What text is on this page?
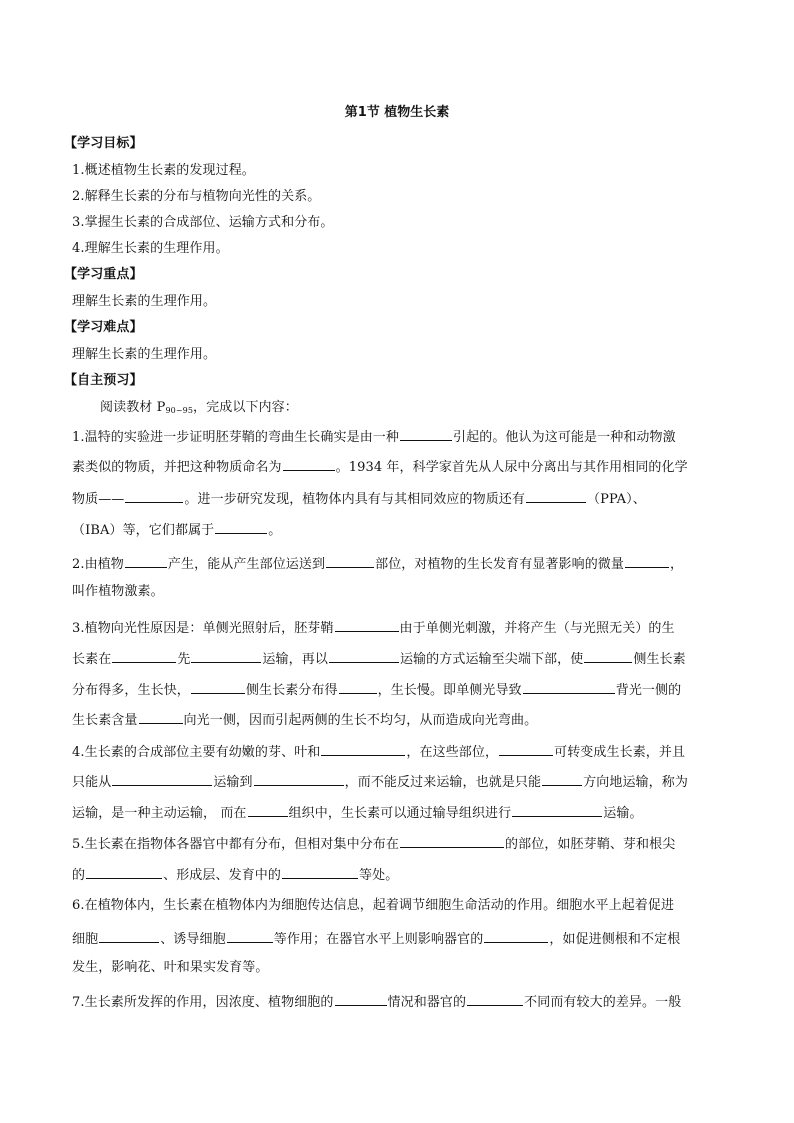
第1节 植物生长素
【学习目标】
1.概述植物生长素的发现过程。
2.解释生长素的分布与植物向光性的关系。
3.掌握生长素的合成部位、运输方式和分布。
4.理解生长素的生理作用。
【学习重点】
理解生长素的生理作用。
【学习难点】
理解生长素的生理作用。
【自主预习】
阅读教材 $P_{90\sim 95}$，完成以下内容：
1.温特的实验进一步证明胚芽鞘的弯曲生长确实是由一种	引起的。他认为这可能是一种和动物激
素类似的物质，并把这种物质命名为	。1934 年，科学家首先从人尿中分离出与其作用相同的化学
物质——	。进一步研究发现，植物体内具有与其相同效应的物质还有	（PPA）、
（IBA）等，它们都属于	。
2.由植物	产生，能从产生部位运送到	部位，对植物的生长发育有显著影响的微量	，
叫作植物激素。
3.植物向光性原因是：单侧光照射后，胚芽鞘	由于单侧光刺激，并将产生（与光照无关）的生
长素在	先	运输，再以	运输的方式运输至尖端下部，使	侧生长素
分布得多，生长快，	侧生长素分布得	，生长慢。即单侧光导致	背光一侧的
生长素含量	向光一侧，因而引起两侧的生长不均匀，从而造成向光弯曲。
4.生长素的合成部位主要有幼嫩的芽、叶和	，在这些部位，	可转变成生长素，并且
只能从	运输到	，而不能反过来运输，也就是只能	方向地运输，称为
运输，是一种主动运输， 而在	组织中，生长素可以通过输导组织进行	运输。
5.生长素在指物体各器官中都有分布，但相对集中分布在	的部位，如胚芽鞘、芽和根尖
的	、形成层、发育中的	等处。
6.在植物体内，生长素在植物体内为细胞传达信息，起着调节细胞生命活动的作用。细胞水平上起着促进
细胞	、诱导细胞	等作用；在器官水平上则影响器官的	，如促进侧根和不定根
发生，影响花、叶和果实发育等。
7.生长素所发挥的作用，因浓度、植物细胞的	情况和器官的	不同而有较大的差异。一般
